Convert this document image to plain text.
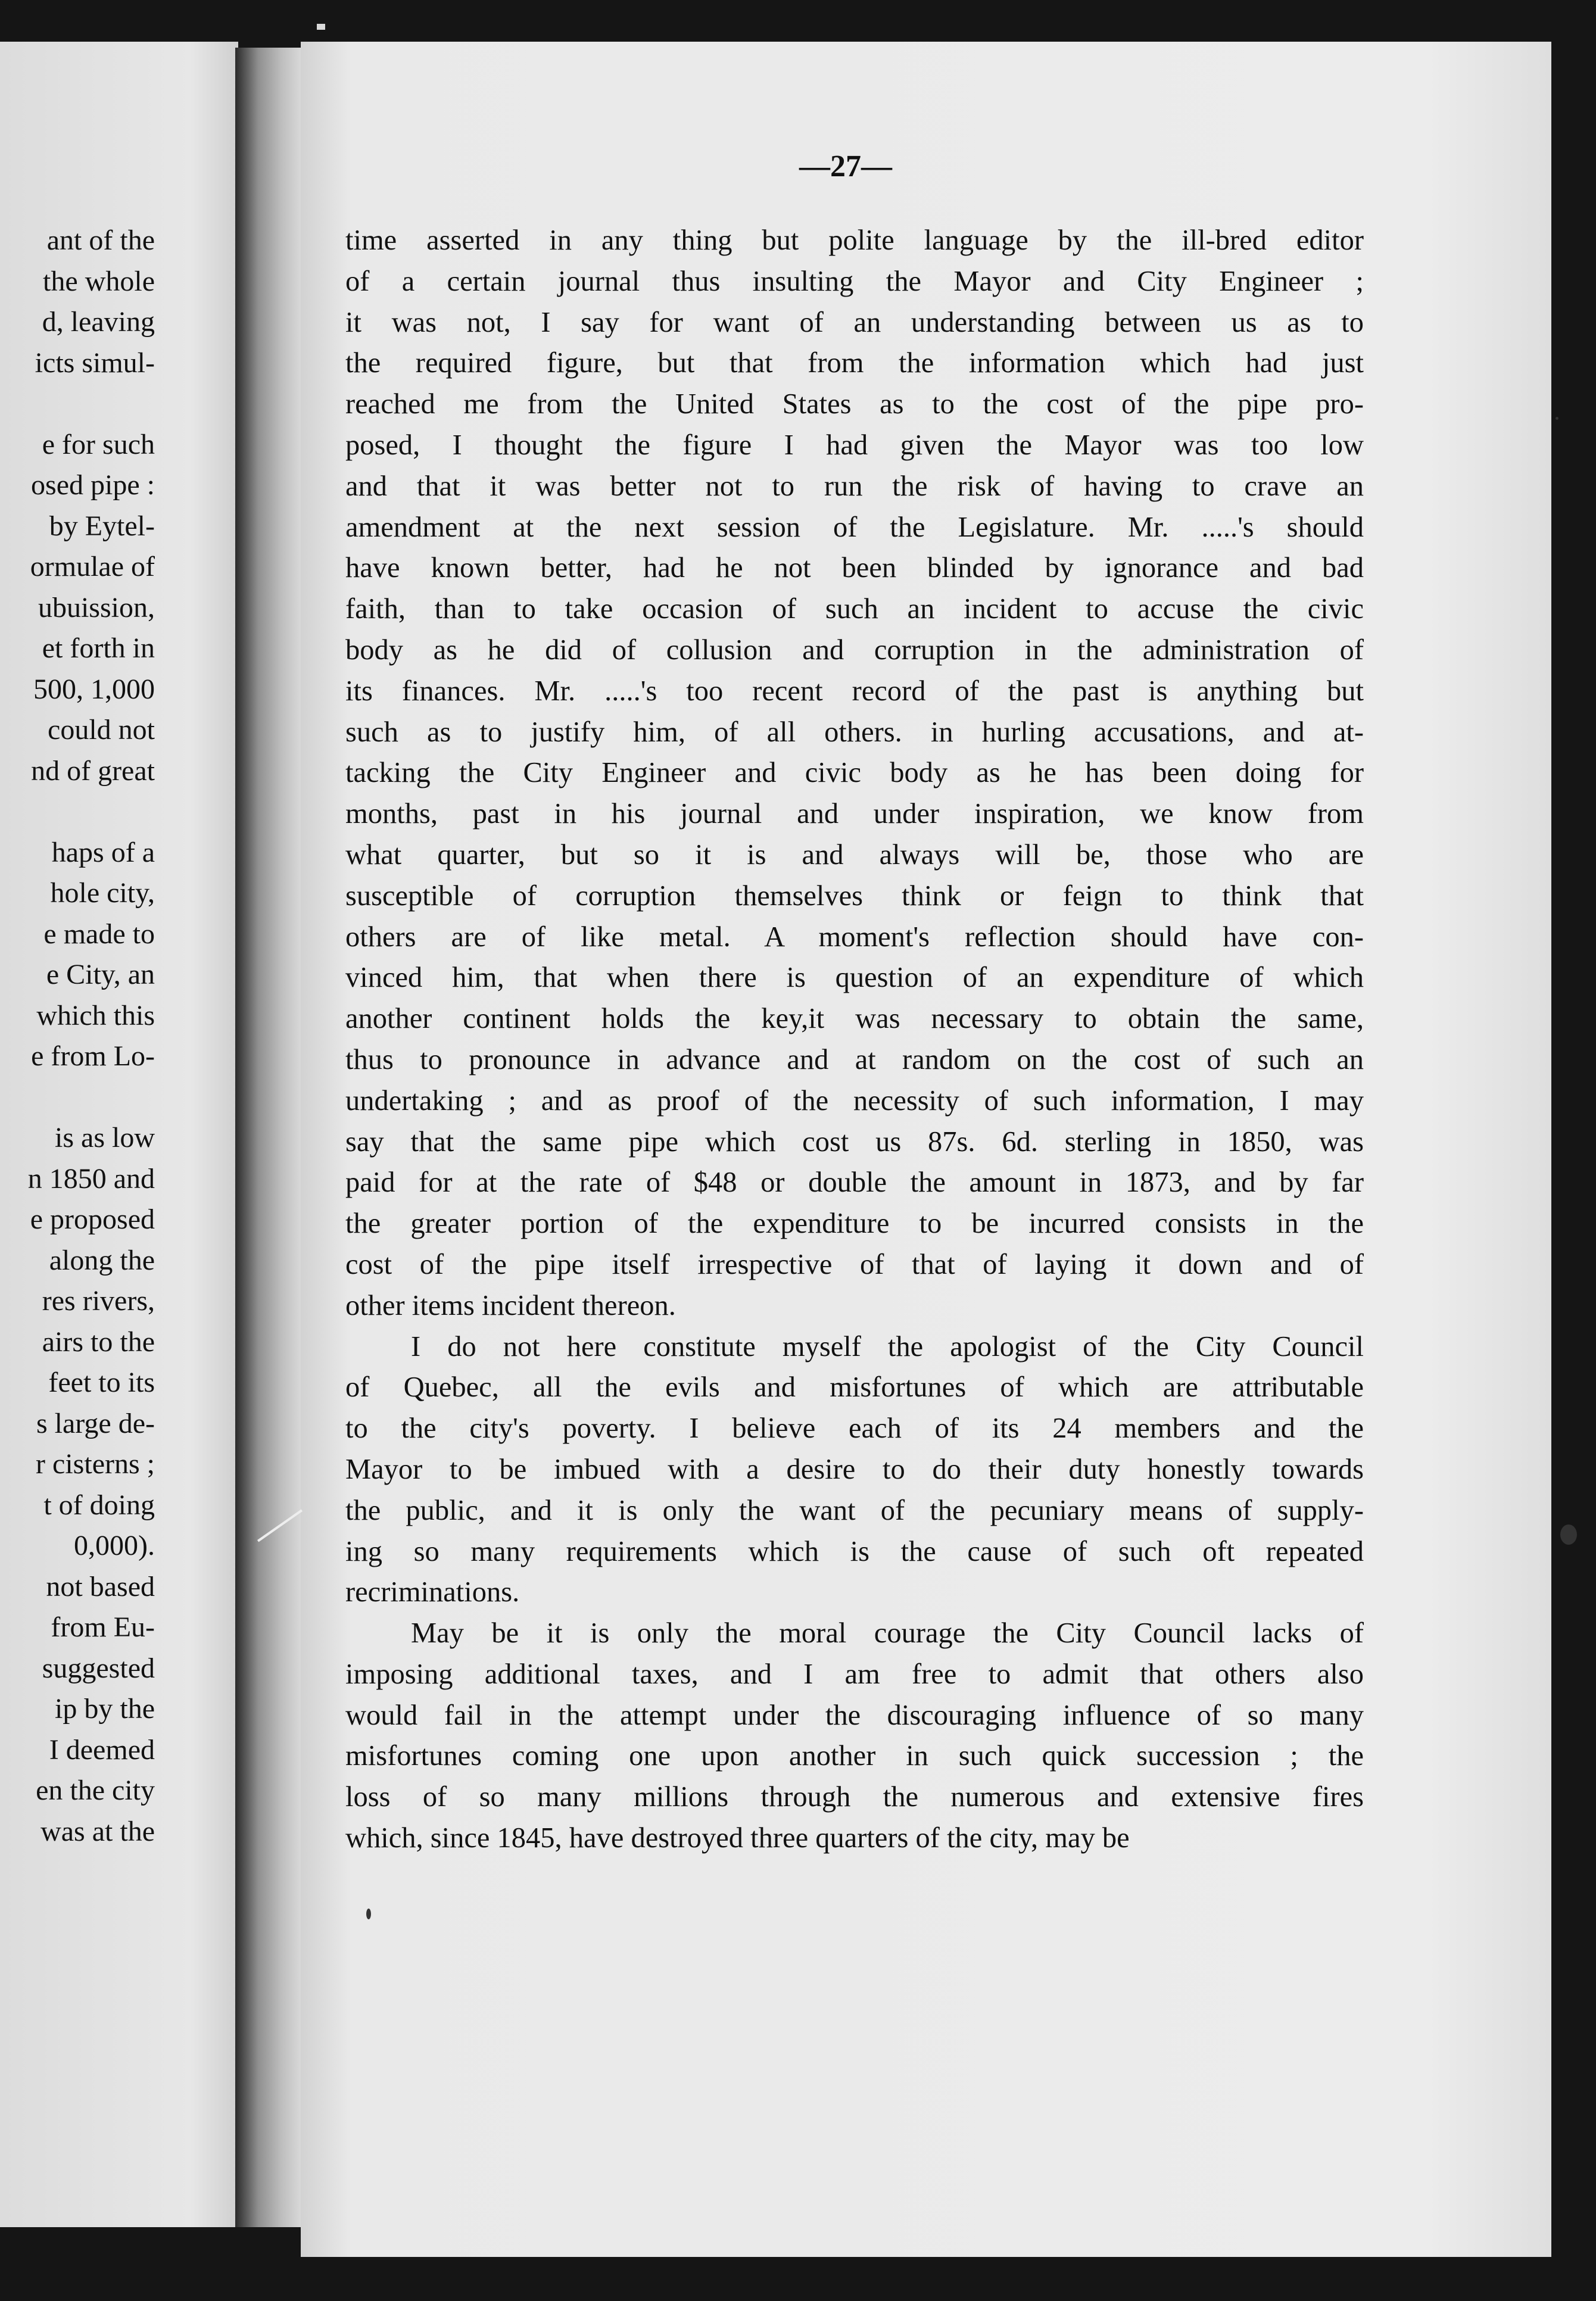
ant of the
the whole
d, leaving
icts simul-
e for such
osed pipe :
by Eytel-
ormulae of
ubuission,
et forth in
500, 1,000
could not
nd of great
haps of a
hole city,
e made to
e City, an
which this
e from Lo-
is as low
n 1850 and
e proposed
along the
res rivers,
airs to the
feet to its
s large de-
r cisterns ;
t of doing
0,000).
not based
from Eu-
suggested
ip by the
I deemed
en the city
was at the
—27—
time asserted in any thing but polite language by the ill-bred editor
of a certain journal thus insulting the Mayor and City Engineer ;
it was not, I say for want of an understanding between us as to
the required figure, but that from the information which had just
reached me from the United States as to the cost of the pipe pro-
posed, I thought the figure I had given the Mayor was too low
and that it was better not to run the risk of having to crave an
amendment at the next session of the Legislature. Mr. .....'s should
have known better, had he not been blinded by ignorance and bad
faith, than to take occasion of such an incident to accuse the civic
body as he did of collusion and corruption in the administration of
its finances. Mr. .....'s too recent record of the past is anything but
such as to justify him, of all others. in hurling accusations, and at-
tacking the City Engineer and civic body as he has been doing for
months, past in his journal and under inspiration, we know from
what quarter, but so it is and always will be, those who are
susceptible of corruption themselves think or feign to think that
others are of like metal. A moment's reflection should have con-
vinced him, that when there is question of an expenditure of which
another continent holds the key,it was necessary to obtain the same,
thus to pronounce in advance and at random on the cost of such an
undertaking ; and as proof of the necessity of such information, I may
say that the same pipe which cost us 87s. 6d. sterling in 1850, was
paid for at the rate of $48 or double the amount in 1873, and by far
the greater portion of the expenditure to be incurred consists in the
cost of the pipe itself irrespective of that of laying it down and of
other items incident thereon.
I do not here constitute myself the apologist of the City Council
of Quebec, all the evils and misfortunes of which are attributable
to the city's poverty. I believe each of its 24 members and the
Mayor to be imbued with a desire to do their duty honestly towards
the public, and it is only the want of the pecuniary means of supply-
ing so many requirements which is the cause of such oft repeated
recriminations.
May be it is only the moral courage the City Council lacks of
imposing additional taxes, and I am free to admit that others also
would fail in the attempt under the discouraging influence of so many
misfortunes coming one upon another in such quick succession ; the
loss of so many millions through the numerous and extensive fires
which, since 1845, have destroyed three quarters of the city, may be
